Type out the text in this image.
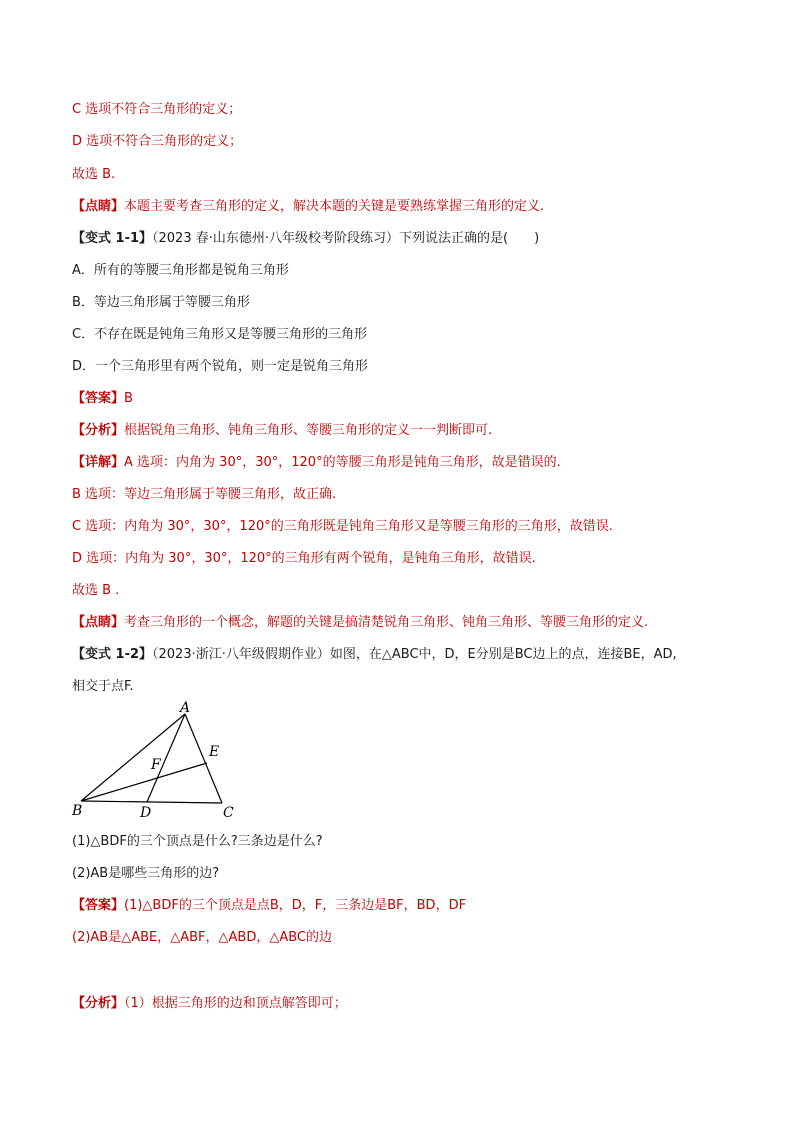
C 选项不符合三角形的定义；
D 选项不符合三角形的定义；
故选 B.
【点睛】本题主要考查三角形的定义，解决本题的关键是要熟练掌握三角形的定义.
【变式 1-1】（2023 春·山东德州·八年级校考阶段练习）下列说法正确的是(　　)
A．所有的等腰三角形都是锐角三角形
B．等边三角形属于等腰三角形
C．不存在既是钝角三角形又是等腰三角形的三角形
D．一个三角形里有两个锐角，则一定是锐角三角形
【答案】B
【分析】根据锐角三角形、钝角三角形、等腰三角形的定义一一判断即可.
【详解】A 选项：内角为 30°，30°，120°的等腰三角形是钝角三角形，故是错误的.
B 选项：等边三角形属于等腰三角形，故正确.
C 选项：内角为 30°，30°，120°的三角形既是钝角三角形又是等腰三角形的三角形，故错误.
D 选项：内角为 30°，30°，120°的三角形有两个锐角，是钝角三角形，故错误.
故选 B .
【点睛】考查三角形的一个概念，解题的关键是搞清楚锐角三角形、钝角三角形、等腰三角形的定义.
【变式 1-2】（2023·浙江·八年级假期作业）如图，在△ABC中，D，E分别是BC边上的点，连接BE，AD,
相交于点F.
A
B	C
D
E
F
(1)△BDF的三个顶点是什么?三条边是什么?
(2)AB是哪些三角形的边?
【答案】(1)△BDF的三个顶点是点B，D，F，三条边是BF，BD，DF
(2)AB是△ABE，△ABF，△ABD，△ABC的边
【分析】（1）根据三角形的边和顶点解答即可；
